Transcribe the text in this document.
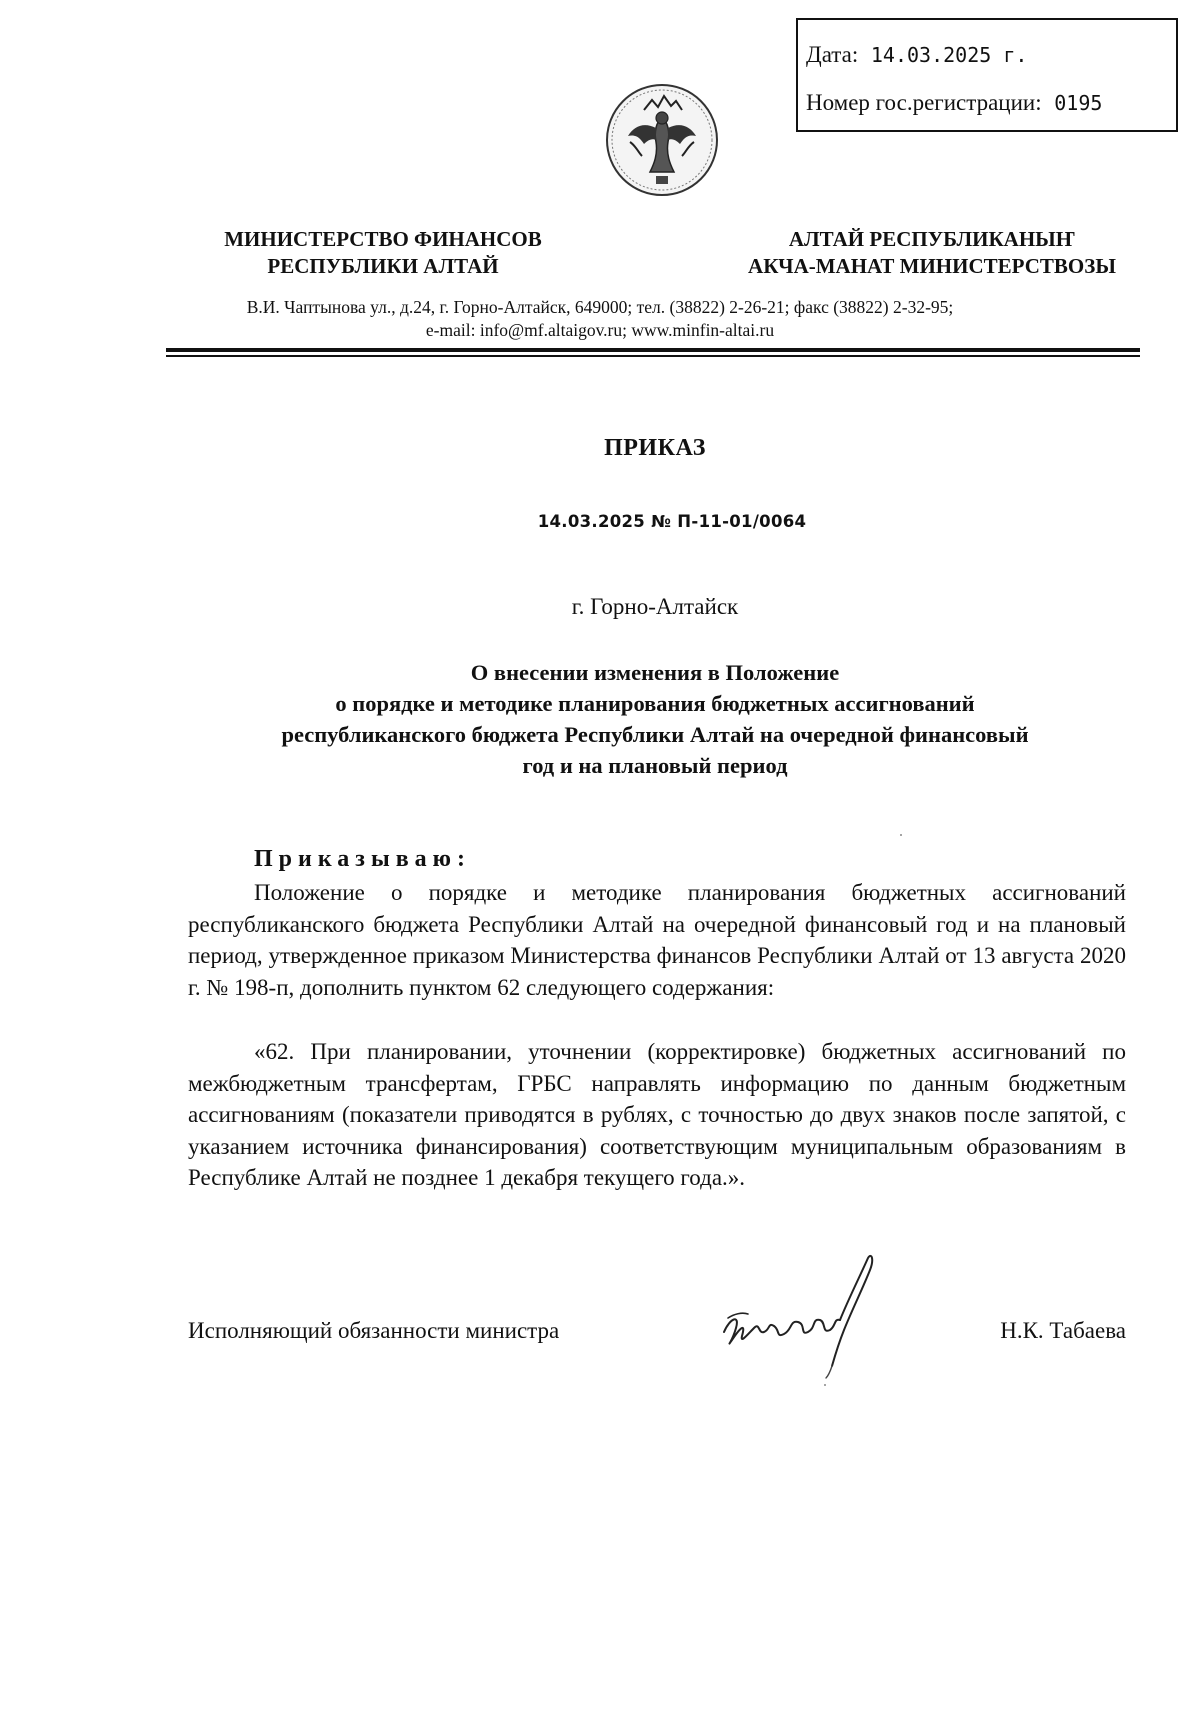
Дата: 14.03.2025 г.
Номер гос.регистрации: 0195
МИНИСТЕРСТВО ФИНАНСОВ
РЕСПУБЛИКИ АЛТАЙ
АЛТАЙ РЕСПУБЛИКАНЫҤ
АКЧА-МАНАТ МИНИСТЕРСТВОЗЫ
В.И. Чаптынова ул., д.24, г. Горно-Алтайск, 649000; тел. (38822) 2-26-21; факс (38822) 2-32-95;
e-mail: info@mf.altaigov.ru; www.minfin-altai.ru
ПРИКАЗ
14.03.2025 № П-11-01/0064
г. Горно-Алтайск
О внесении изменения в Положение
о порядке и методике планирования бюджетных ассигнований
республиканского бюджета Республики Алтай на очередной финансовый
год и на плановый период
Приказываю:

Положение о порядке и методике планирования бюджетных ассигнований республиканского бюджета Республики Алтай на очередной финансовый год и на плановый период, утвержденное приказом Министерства финансов Республики Алтай от 13 августа 2020 г. № 198-п, дополнить пунктом 62 следующего содержания:

«62. При планировании, уточнении (корректировке) бюджетных ассигнований по межбюджетным трансфертам, ГРБС направлять информацию по данным бюджетным ассигнованиям (показатели приводятся в рублях, с точностью до двух знаков после запятой, с указанием источника финансирования) соответствующим муниципальным образованиям в Республике Алтай не позднее 1 декабря текущего года.».

Исполняющий обязанности министра	Н.К. Табаева
